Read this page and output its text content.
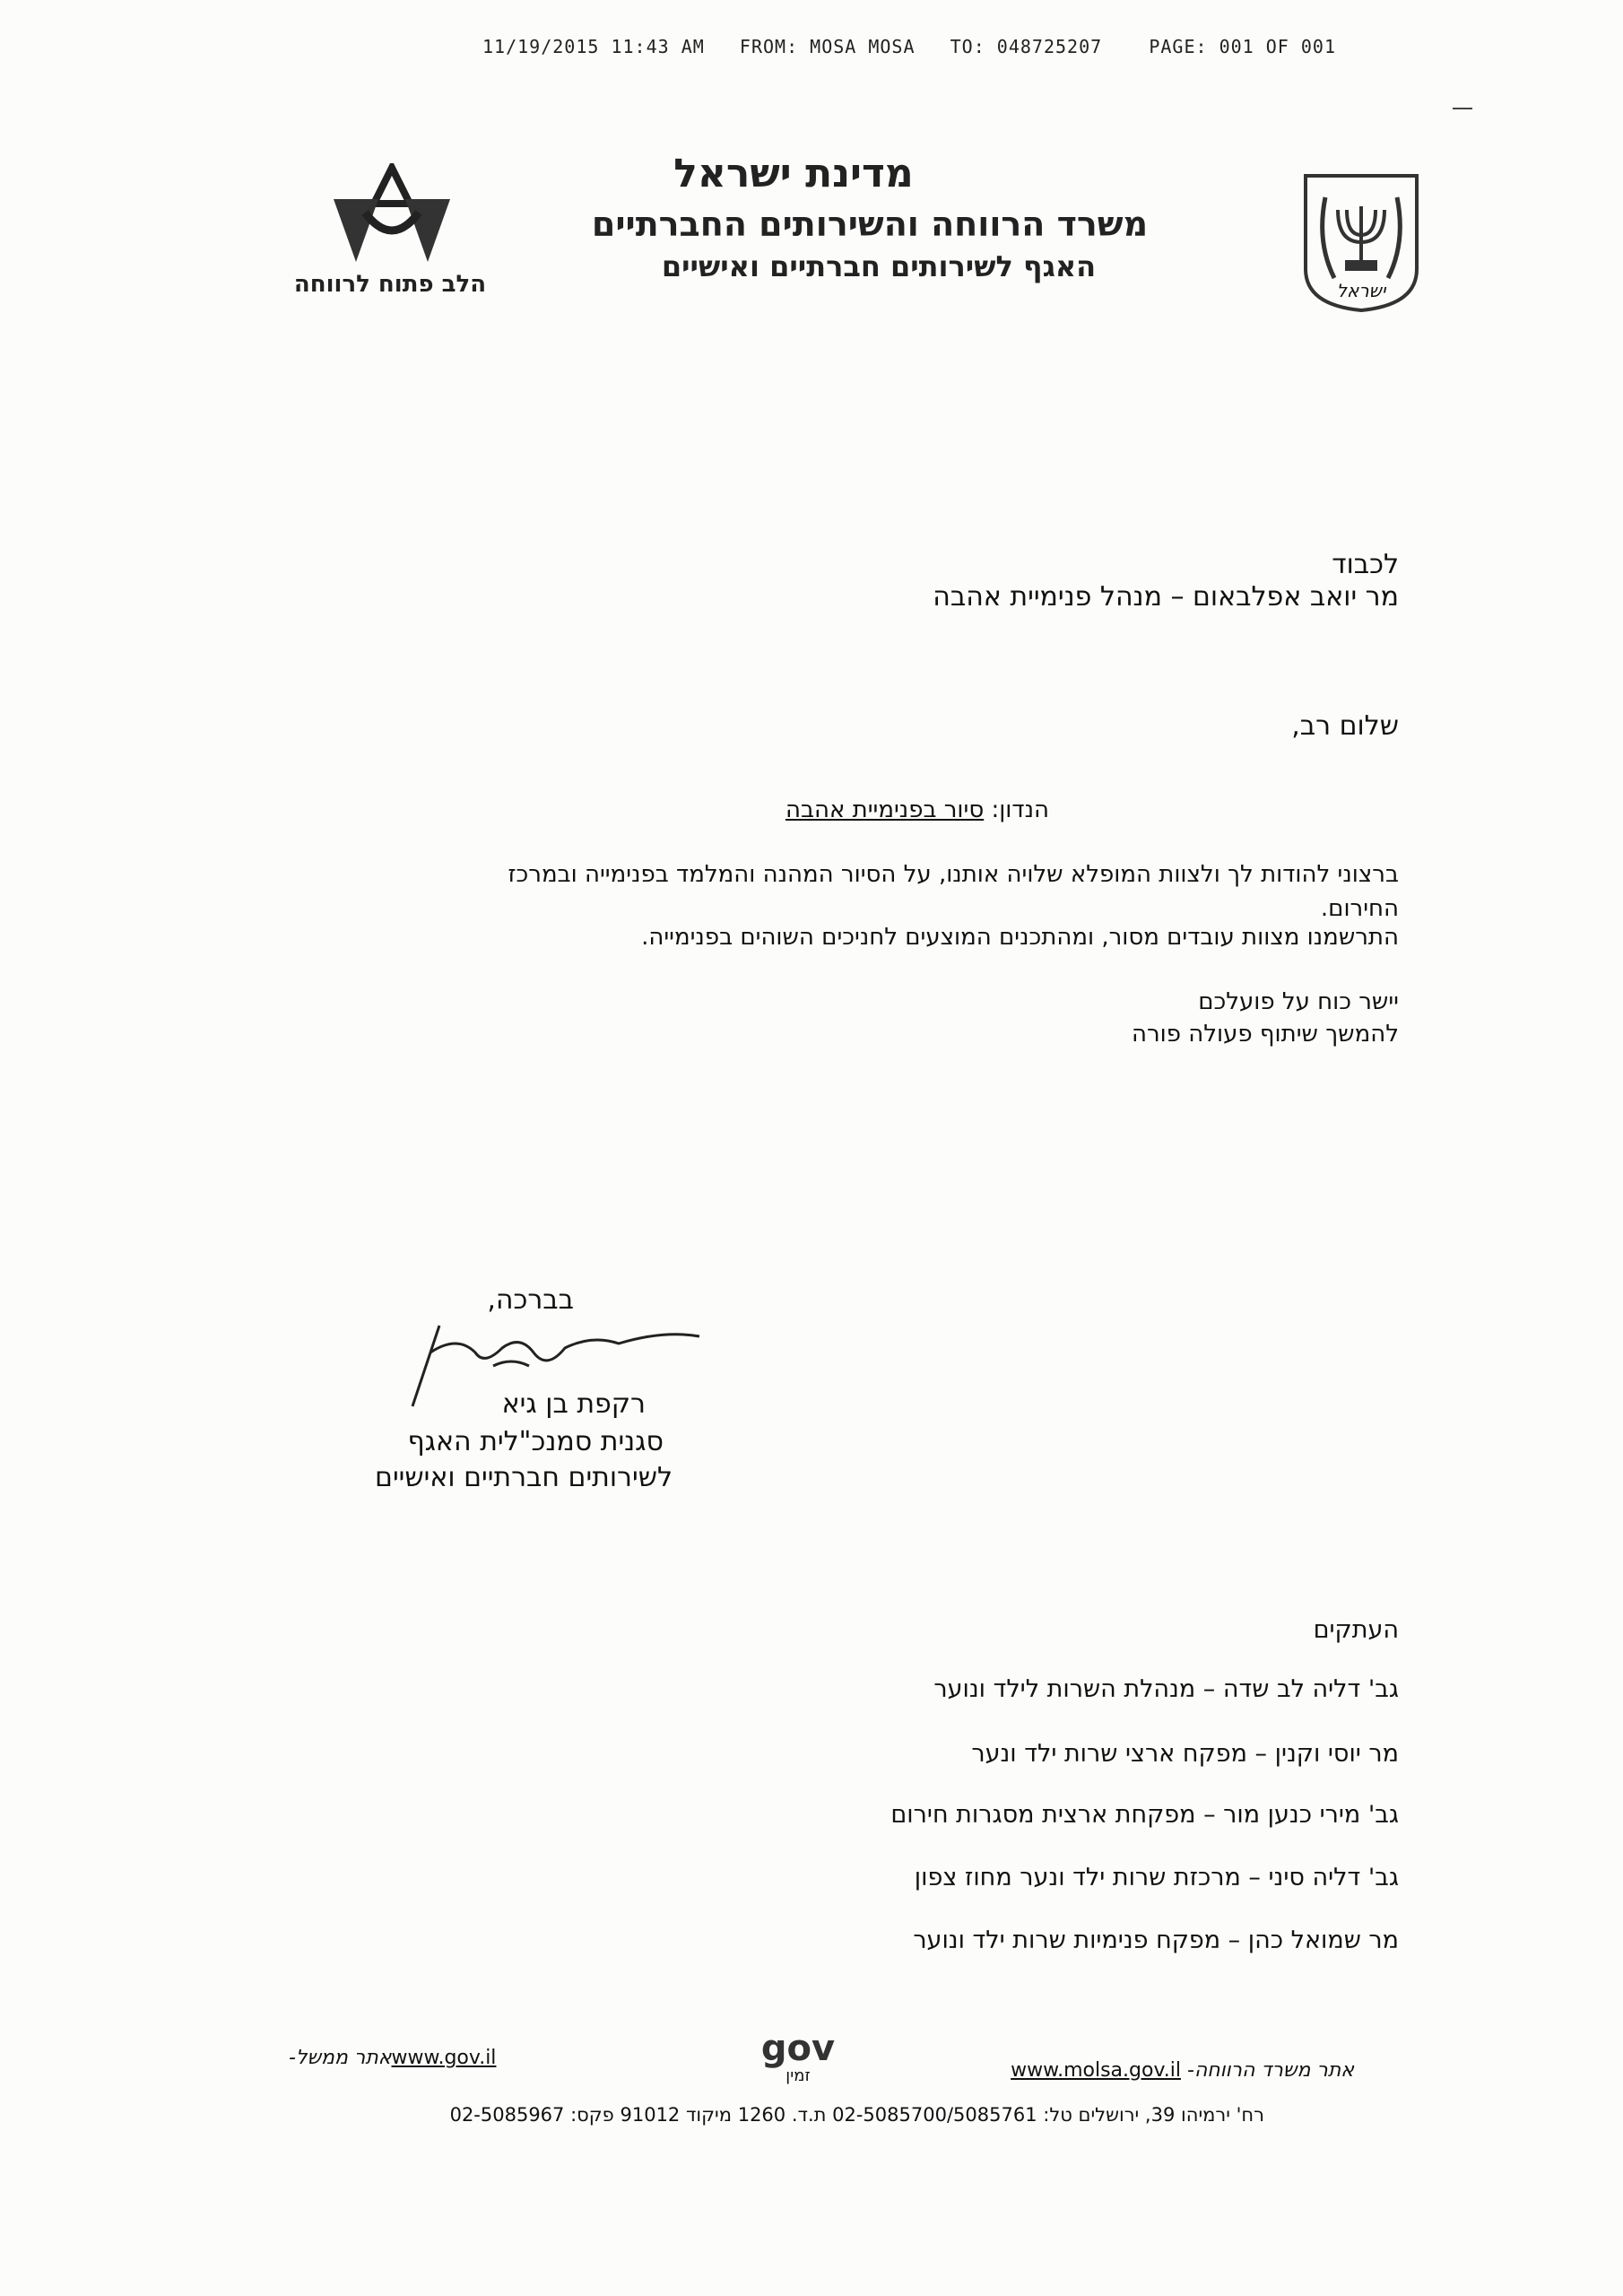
11/19/2015 11:43 AM   FROM: MOSA MOSA   TO: 048725207    PAGE: 001 OF 001
הלב פתוח לרווחה
מדינת ישראל
משרד הרווחה והשירותים החברתיים
האגף לשירותים חברתיים ואישיים
ישראל
לכבוד
מר יואב אפלבאום – מנהל פנימיית אהבה
שלום רב,
הנדון: סיור בפנימיית אהבה
ברצוני להודות לך ולצוות המופלא שלויה אותנו, על הסיור המהנה והמלמד בפנימייה ובמרכז
החירום.
התרשמנו מצוות עובדים מסור, ומהתכנים המוצעים לחניכים השוהים בפנימייה.
יישר כוח על פועלכם
להמשך שיתוף פעולה פורה
בברכה,
רקפת בן גיא
סגנית סמנכ"לית האגף
לשירותים חברתיים ואישיים
העתקים
גב' דליה לב שדה – מנהלת השרות לילד ונוער
מר יוסי וקנין – מפקח ארצי שרות ילד ונער
גב' מירי כנען מור – מפקחת ארצית מסגרות חירום
גב' דליה סיני – מרכזת שרות ילד ונער מחוז צפון
מר שמואל כהן – מפקח פנימיות שרות ילד ונוער
-אתר ממשלwww.gov.il	gov
זמין	www.molsa.gov.il -אתר משרד הרווחה
רח' ירמיהו 39, ירושלים טל: 02-5085700/5085761 ת.ד. 1260 מיקוד 91012 פקס: 02-5085967
